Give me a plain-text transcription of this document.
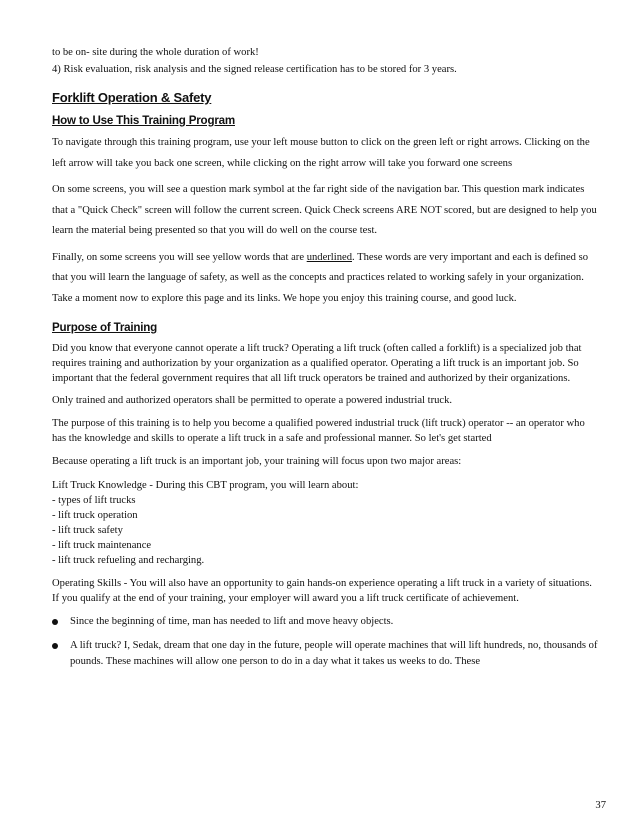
to be on- site during the whole duration of work!

4) Risk evaluation, risk analysis and the signed release certification has to be stored for 3 years.

Forklift Operation & Safety

How to Use This Training Program

To navigate through this training program, use your left mouse button to click on the green left or right arrows. Clicking on the left arrow will take you back one screen, while clicking on the right arrow will take you forward one screens

On some screens, you will see a question mark symbol at the far right side of the navigation bar. This question mark indicates that a "Quick Check" screen will follow the current screen. Quick Check screens ARE NOT scored, but are designed to help you learn the material being presented so that you will do well on the course test.

Finally, on some screens you will see yellow words that are underlined. These words are very important and each is defined so that you will learn the language of safety, as well as the concepts and practices related to working safely in your organization. Take a moment now to explore this page and its links. We hope you enjoy this training course, and good luck.

Purpose of Training

Did you know that everyone cannot operate a lift truck? Operating a lift truck (often called a forklift) is a specialized job that requires training and authorization by your organization as a qualified operator. Operating a lift truck is an important job. So important that the federal government requires that all lift truck operators be trained and authorized by their organizations.

Only trained and authorized operators shall be permitted to operate a powered industrial truck.

The purpose of this training is to help you become a qualified powered industrial truck (lift truck) operator -- an operator who has the knowledge and skills to operate a lift truck in a safe and professional manner. So let's get started

Because operating a lift truck is an important job, your training will focus upon two major areas:

Lift Truck Knowledge - During this CBT program, you will learn about:

- types of lift trucks

- lift truck operation

- lift truck safety

- lift truck maintenance

- lift truck refueling and recharging.

Operating Skills - You will also have an opportunity to gain hands-on experience operating a lift truck in a variety of situations. If you qualify at the end of your training, your employer will award you a lift truck certificate of achievement.

Since the beginning of time, man has needed to lift and move heavy objects.
A lift truck? I, Sedak, dream that one day in the future, people will operate machines that will lift hundreds, no, thousands of pounds. These machines will allow one person to do in a day what it takes us weeks to do. These
37
